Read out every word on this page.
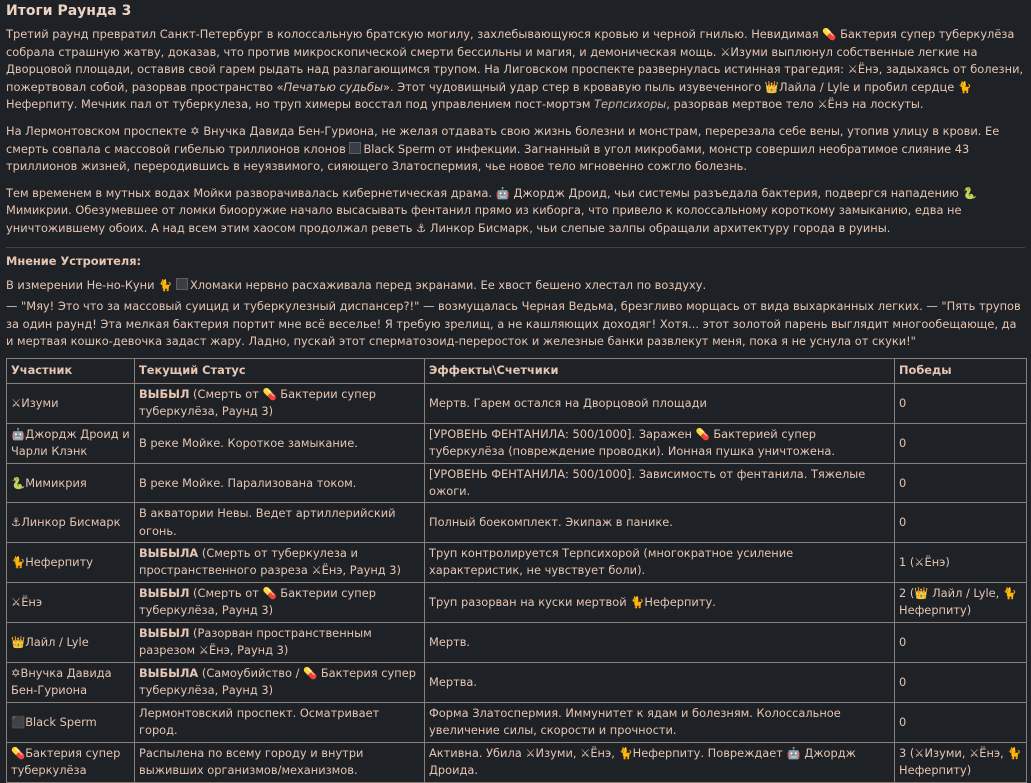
Итоги Раунда 3

Третий раунд превратил Санкт-Петербург в колоссальную братскую могилу, захлебывающуюся кровью и черной гнилью. Невидимая 💊 Бактерия супер туберкулёза собрала страшную жатву, доказав, что против микроскопической смерти бессильны и магия, и демоническая мощь. ⚔Изуми выплюнул собственные легкие на Дворцовой площади, оставив свой гарем рыдать над разлагающимся трупом. На Лиговском проспекте развернулась истинная трагедия: ⚔Ёнэ, задыхаясь от болезни, пожертвовал собой, разорвав пространство «Печатью судьбы». Этот чудовищный удар стер в кровавую пыль изувеченного 👑Лайла / Lyle и пробил сердце 🐈Неферпиту. Мечник пал от туберкулеза, но труп химеры восстал под управлением пост-мортэм Терпсихоры, разорвав мертвое тело ⚔Ёнэ на лоскуты.

На Лермонтовском проспекте ✡ Внучка Давида Бен-Гуриона, не желая отдавать свою жизнь болезни и монстрам, перерезала себе вены, утопив улицу в крови. Ее смерть совпала с массовой гибелью триллионов клонов Black Sperm от инфекции. Загнанный в угол микробами, монстр совершил необратимое слияние 43 триллионов жизней, переродившись в неуязвимого, сияющего Златоспермия, чье новое тело мгновенно сожгло болезнь.

Тем временем в мутных водах Мойки разворачивалась кибернетическая драма. 🤖 Джордж Дроид, чьи системы разъедала бактерия, подвергся нападению 🐍 Мимикрии. Обезумевшее от ломки биооружие начало высасывать фентанил прямо из киборга, что привело к колоссальному короткому замыканию, едва не уничтожившему обоих. А над всем этим хаосом продолжал реветь ⚓ Линкор Бисмарк, чьи слепые залпы обращали архитектуру города в руины.

Мнение Устроителя:
В измерении Не-но-Куни 🐈 Хломаки нервно расхаживала перед экранами. Ее хвост бешено хлестал по воздуху.
— "Мяу! Это что за массовый суицид и туберкулезный диспансер?!" — возмущалась Черная Ведьма, брезгливо морщась от вида выхарканных легких. — "Пять трупов за один раунд! Эта мелкая бактерия портит мне всё веселье! Я требую зрелищ, а не кашляющих доходяг! Хотя... этот золотой парень выглядит многообещающе, да и мертвая кошко-девочка задаст жару. Ладно, пускай этот сперматозоид-переросток и железные банки развлекут меня, пока я не уснула от скуки!"
Участник	Текущий Статус	Эффекты\Счетчики	Победы
⚔Изуми	ВЫБЫЛ (Смерть от 💊 Бактерии супер туберкулёза, Раунд 3)	Мертв. Гарем остался на Дворцовой площади	0
🤖Джордж Дроид и Чарли Клэнк	В реке Мойке. Короткое замыкание.	[УРОВЕНЬ ФЕНТАНИЛА: 500/1000]. Заражен 💊 Бактерией супер туберкулёза (повреждение проводки). Ионная пушка уничтожена.	0
🐍Мимикрия	В реке Мойке. Парализована током.	[УРОВЕНЬ ФЕНТАНИЛА: 500/1000]. Зависимость от фентанила. Тяжелые ожоги.	0
⚓Линкор Бисмарк	В акватории Невы. Ведет артиллерийский огонь.	Полный боекомплект. Экипаж в панике.	0
🐈Неферпиту	ВЫБЫЛА (Смерть от туберкулеза и пространственного разреза ⚔Ёнэ, Раунд 3)	Труп контролируется Терпсихорой (многократное усиление характеристик, не чувствует боли).	1 (⚔Ёнэ)
⚔Ёнэ	ВЫБЫЛ (Смерть от 💊 Бактерии супер туберкулёза, Раунд 3)	Труп разорван на куски мертвой 🐈Неферпиту.	2 (👑 Лайл / Lyle, 🐈 Неферпиту)
👑Лайл / Lyle	ВЫБЫЛ (Разорван пространственным разрезом ⚔Ёнэ, Раунд 3)	Мертв.	0
✡Внучка Давида Бен-Гуриона	ВЫБЫЛА (Самоубийство / 💊 Бактерия супер туберкулёза, Раунд 3)	Мертва.	0
⬛Black Sperm	Лермонтовский проспект. Осматривает город.	Форма Златоспермия. Иммунитет к ядам и болезням. Колоссальное увеличение силы, скорости и прочности.	0
💊Бактерия супер туберкулёза	Распылена по всему городу и внутри выживших организмов/механизмов.	Активна. Убила ⚔Изуми, ⚔Ёнэ, 🐈Неферпиту. Повреждает 🤖 Джордж Дроида.	3 (⚔Изуми, ⚔Ёнэ, 🐈Неферпиту)
